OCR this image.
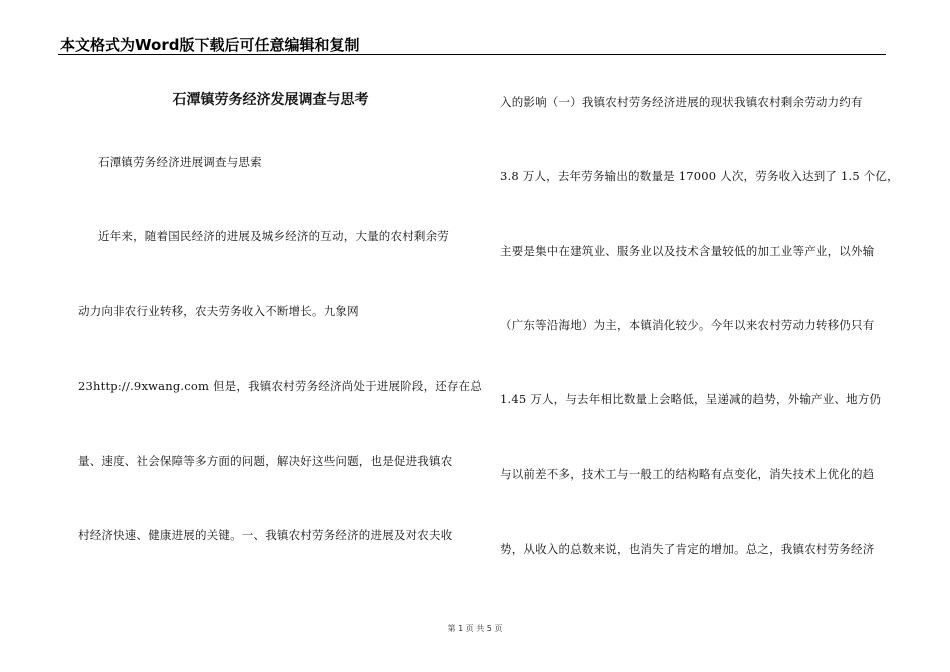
本文格式为Word版下载后可任意编辑和复制
石潭镇劳务经济发展调查与思考
石潭镇劳务经济进展调查与思索
近年来，随着国民经济的进展及城乡经济的互动，大量的农村剩余劳
动力向非农行业转移，农夫劳务收入不断增长。九象网
23http://.9xwang.com 但是，我镇农村劳务经济尚处于进展阶段，还存在总
量、速度、社会保障等多方面的问题，解决好这些问题，也是促进我镇农
村经济快速、健康进展的关键。一、我镇农村劳务经济的进展及对农夫收
入的影响（一）我镇农村劳务经济进展的现状我镇农村剩余劳动力约有
3.8 万人，去年劳务输出的数量是 17000 人次，劳务收入达到了 1.5 个亿，
主要是集中在建筑业、服务业以及技术含量较低的加工业等产业，以外输
（广东等沿海地）为主，本镇消化较少。今年以来农村劳动力转移仍只有
1.45 万人，与去年相比数量上会略低，呈递减的趋势，外输产业、地方仍
与以前差不多，技术工与一般工的结构略有点变化，消失技术上优化的趋
势，从收入的总数来说，也消失了肯定的增加。总之，我镇农村劳务经济
第 1 页 共 5 页
